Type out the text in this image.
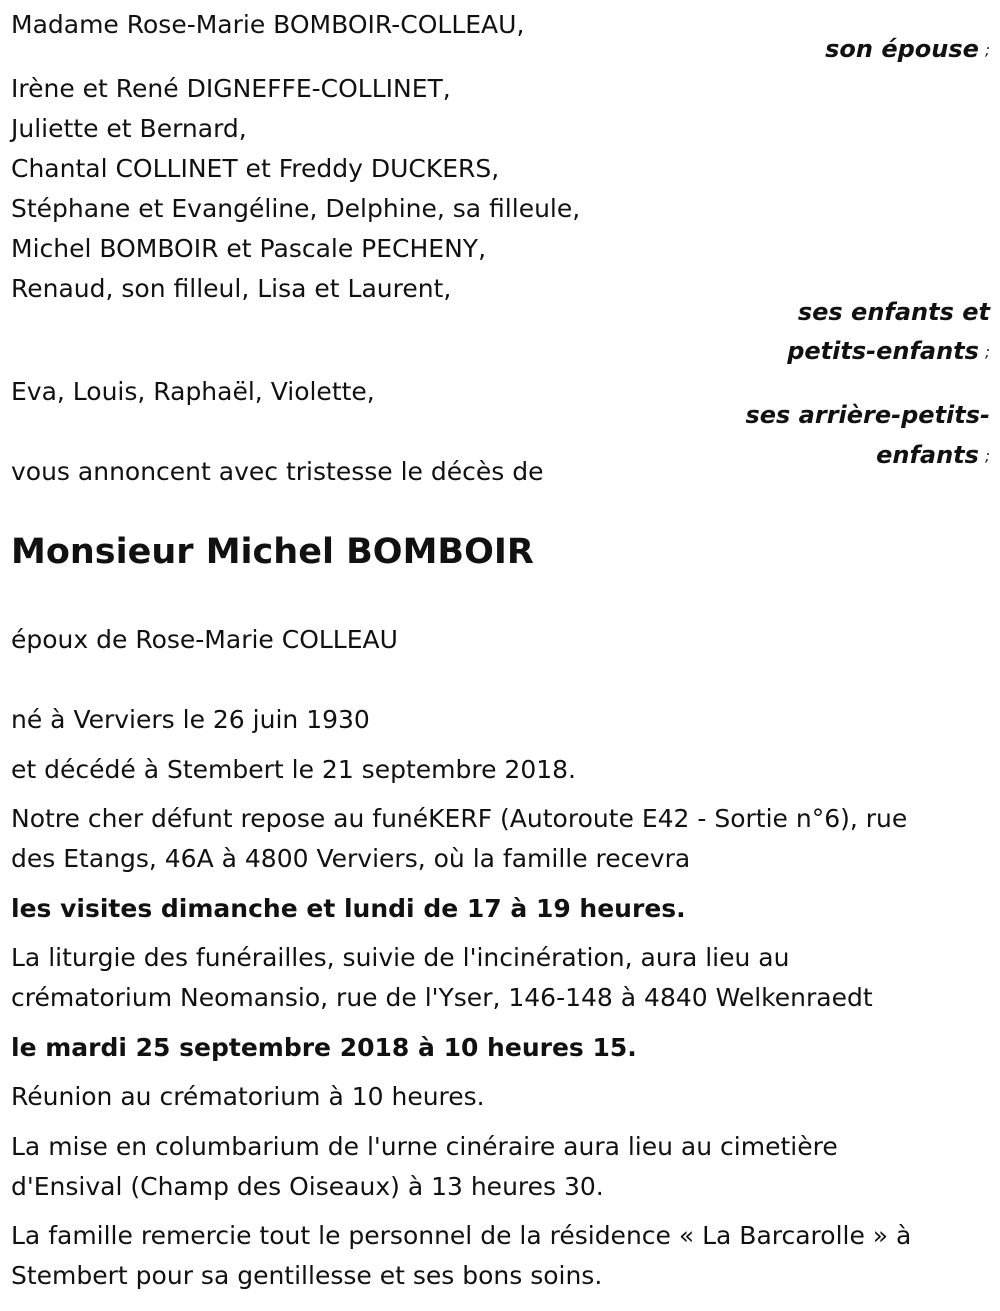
Madame Rose-Marie BOMBOIR-COLLEAU,

son épouse ;

Irène et René DIGNEFFE-COLLINET,

Juliette et Bernard,

Chantal COLLINET et Freddy DUCKERS,

Stéphane et Evangéline, Delphine, sa filleule,

Michel BOMBOIR et Pascale PECHENY,

Renaud, son filleul, Lisa et Laurent,

ses enfants et

petits-enfants ;

Eva, Louis, Raphaël, Violette,

ses arrière-petits-

enfants ;

vous annoncent avec tristesse le décès de

Monsieur Michel BOMBOIR

époux de Rose-Marie COLLEAU

né à Verviers le 26 juin 1930

et décédé à Stembert le 21 septembre 2018.

Notre cher défunt repose au funéKERF (Autoroute E42 - Sortie n°6), rue

des Etangs, 46A à 4800 Verviers, où la famille recevra

les visites dimanche et lundi de 17 à 19 heures.

La liturgie des funérailles, suivie de l'incinération, aura lieu au

crématorium Neomansio, rue de l'Yser, 146-148 à 4840 Welkenraedt

le mardi 25 septembre 2018 à 10 heures 15.

Réunion au crématorium à 10 heures.

La mise en columbarium de l'urne cinéraire aura lieu au cimetière

d'Ensival (Champ des Oiseaux) à 13 heures 30.

La famille remercie tout le personnel de la résidence « La Barcarolle » à

Stembert pour sa gentillesse et ses bons soins.
